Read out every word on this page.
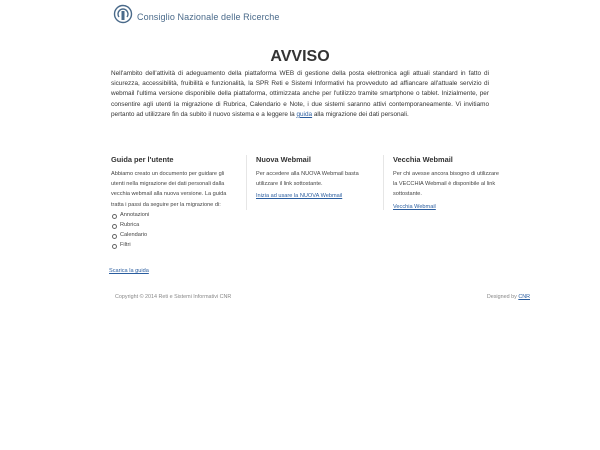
Consiglio Nazionale delle Ricerche
AVVISO

Nell'ambito dell'attività di adeguamento della piattaforma WEB di gestione della posta elettronica agli attuali standard in fatto di sicurezza, accessibilità, fruibilità e funzionalità, la SPR Reti e Sistemi Informativi ha provveduto ad affiancare all'attuale servizio di webmail l'ultima versione disponibile della piattaforma, ottimizzata anche per l'utilizzo tramite smartphone o tablet. Inizialmente, per consentire agli utenti la migrazione di Rubrica, Calendario e Note, i due sistemi saranno attivi contemporaneamente. Vi invitiamo pertanto ad utilizzare fin da subito il nuovo sistema e a leggere la guida alla migrazione dei dati personali.

Guida per l'utente

Abbiamo creato un documento per guidare gli utenti nella migrazione dei dati personali dalla vecchia webmail alla nuova versione. La guida tratta i passi da seguire per la migrazione di:

Annotazioni
Rubrica
Calendario
Filtri
Scarica la guida
Nuova Webmail

Per accedere alla NUOVA Webmail basta utilizzare il link sottostante.

Inizia ad usare la NUOVA Webmail
Vecchia Webmail

Per chi avesse ancora bisogno di utilizzare la VECCHIA Webmail è disponibile al link sottostante.

Vecchia Webmail
Copyright © 2014 Reti e Sistemi Informativi CNR	Designed by CNR
